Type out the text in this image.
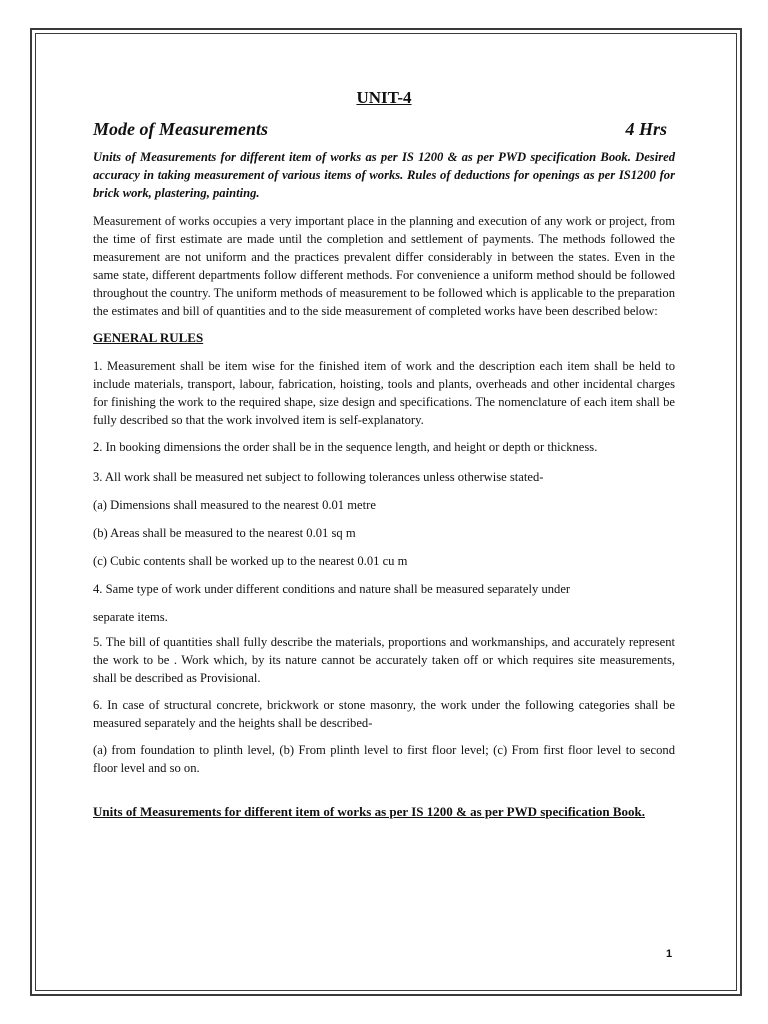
UNIT-4
Mode of Measurements	4 Hrs
Units of Measurements for different item of works as per IS 1200 & as per PWD specification Book. Desired accuracy in taking measurement of various items of works. Rules of deductions for openings as per IS1200 for brick work, plastering, painting.
Measurement of works occupies a very important place in the planning and execution of any work or project, from the time of first estimate are made until the completion and settlement of payments. The methods followed the measurement are not uniform and the practices prevalent differ considerably in between the states. Even in the same state, different departments follow different methods. For convenience a uniform method should be followed throughout the country. The uniform methods of measurement to be followed which is applicable to the preparation the estimates and bill of quantities and to the side measurement of completed works have been described below:
GENERAL RULES
1. Measurement shall be item wise for the finished item of work and the description each item shall be held to include materials, transport, labour, fabrication, hoisting, tools and plants, overheads and other incidental charges for finishing the work to the required shape, size design and specifications. The nomenclature of each item shall be fully described so that the work involved item is self-explanatory.
2. In booking dimensions the order shall be in the sequence length, and height or depth or thickness.
3. All work shall be measured net subject to following tolerances unless otherwise stated-
(a) Dimensions shall measured to the nearest 0.01 metre
(b) Areas shall be measured to the nearest 0.01 sq m
(c) Cubic contents shall be worked up to the nearest 0.01 cu m
4. Same type of work under different conditions and nature shall be measured separately under
separate items.
5. The bill of quantities shall fully describe the materials, proportions and workmanships, and accurately represent the work to be . Work which, by its nature cannot be accurately taken off or which requires site measurements, shall be described as Provisional.
6. In case of structural concrete, brickwork or stone masonry, the work under the following categories shall be measured separately and the heights shall be described-
(a) from foundation to plinth level, (b) From plinth level to first floor level; (c) From first floor level to second floor level and so on.
Units of Measurements for different item of works as per IS 1200 & as per PWD specification Book.
1
